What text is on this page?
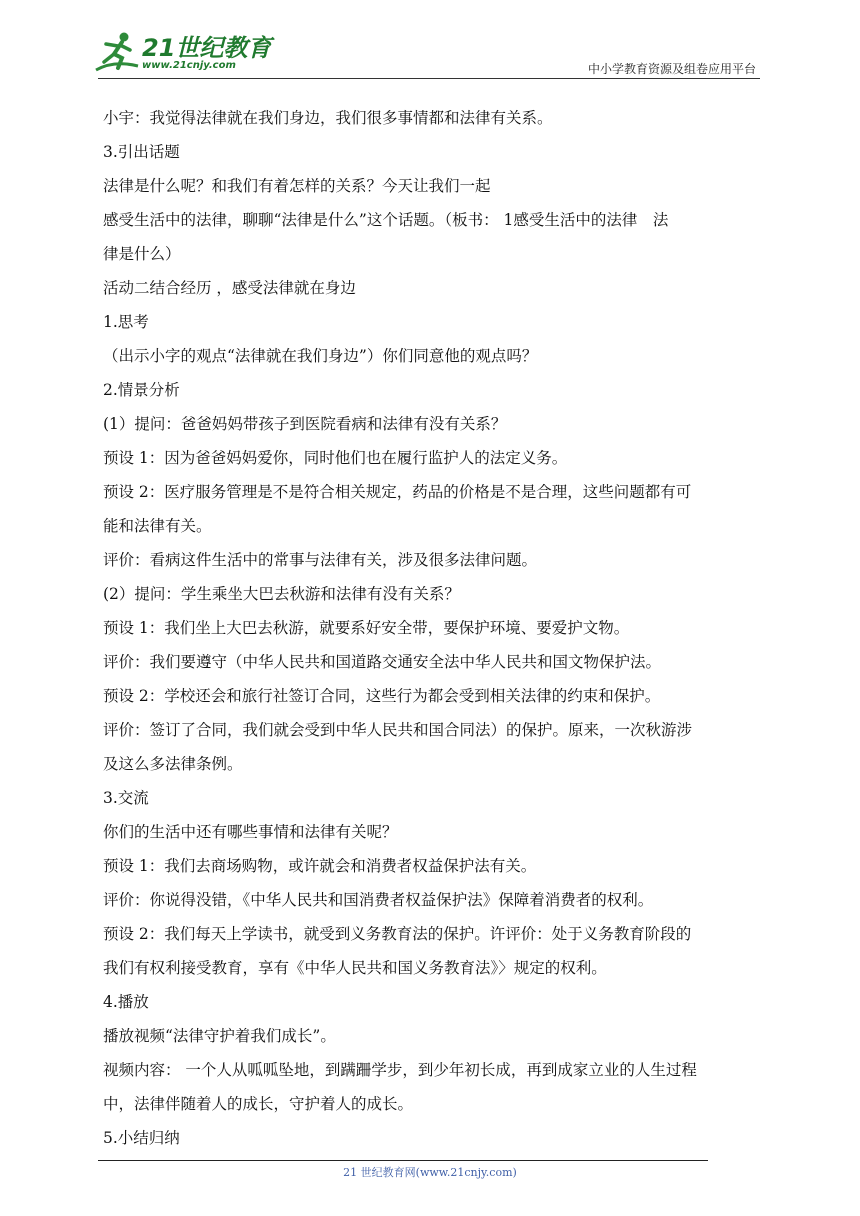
21世纪教育
www.21cnjy.com	中小学教育资源及组卷应用平台
小宇：我觉得法律就在我们身边，我们很多事情都和法律有关系。
3.引出话题
法律是什么呢？和我们有着怎样的关系？今天让我们一起
感受生活中的法律，聊聊“法律是什么”这个话题。（板书： 1感受生活中的法律　法
律是什么）
活动二结合经历 ，感受法律就在身边
1.思考
（出示小字的观点“法律就在我们身边”）你们同意他的观点吗？
2.情景分析
(1）提问：爸爸妈妈带孩子到医院看病和法律有没有关系？
预设 1：因为爸爸妈妈爱你，同时他们也在履行监护人的法定义务。
预设 2：医疗服务管理是不是符合相关规定，药品的价格是不是合理，这些问题都有可
能和法律有关。
评价：看病这件生活中的常事与法律有关，涉及很多法律问题。
(2）提问：学生乘坐大巴去秋游和法律有没有关系？
预设 1：我们坐上大巴去秋游，就要系好安全带，要保护环境、要爱护文物。
评价：我们要遵守（中华人民共和国道路交通安全法中华人民共和国文物保护法。
预设 2：学校还会和旅行社签订合同，这些行为都会受到相关法律的约束和保护。
评价：签订了合同，我们就会受到中华人民共和国合同法）的保护。原来，一次秋游涉
及这么多法律条例。
3.交流
你们的生活中还有哪些事情和法律有关呢？
预设 1：我们去商场购物，或许就会和消费者权益保护法有关。
评价：你说得没错，《中华人民共和国消费者权益保护法》保障着消费者的权利。
预设 2：我们每天上学读书，就受到义务教育法的保护。许评价：处于义务教育阶段的
我们有权利接受教育，享有《中华人民共和国义务教育法》〉规定的权利。
4.播放
播放视频“法律守护着我们成长”。
视频内容： 一个人从呱呱坠地，到蹒跚学步，到少年初长成，再到成家立业的人生过程
中，法律伴随着人的成长，守护着人的成长。
5.小结归纳
21 世纪教育网(www.21cnjy.com)
